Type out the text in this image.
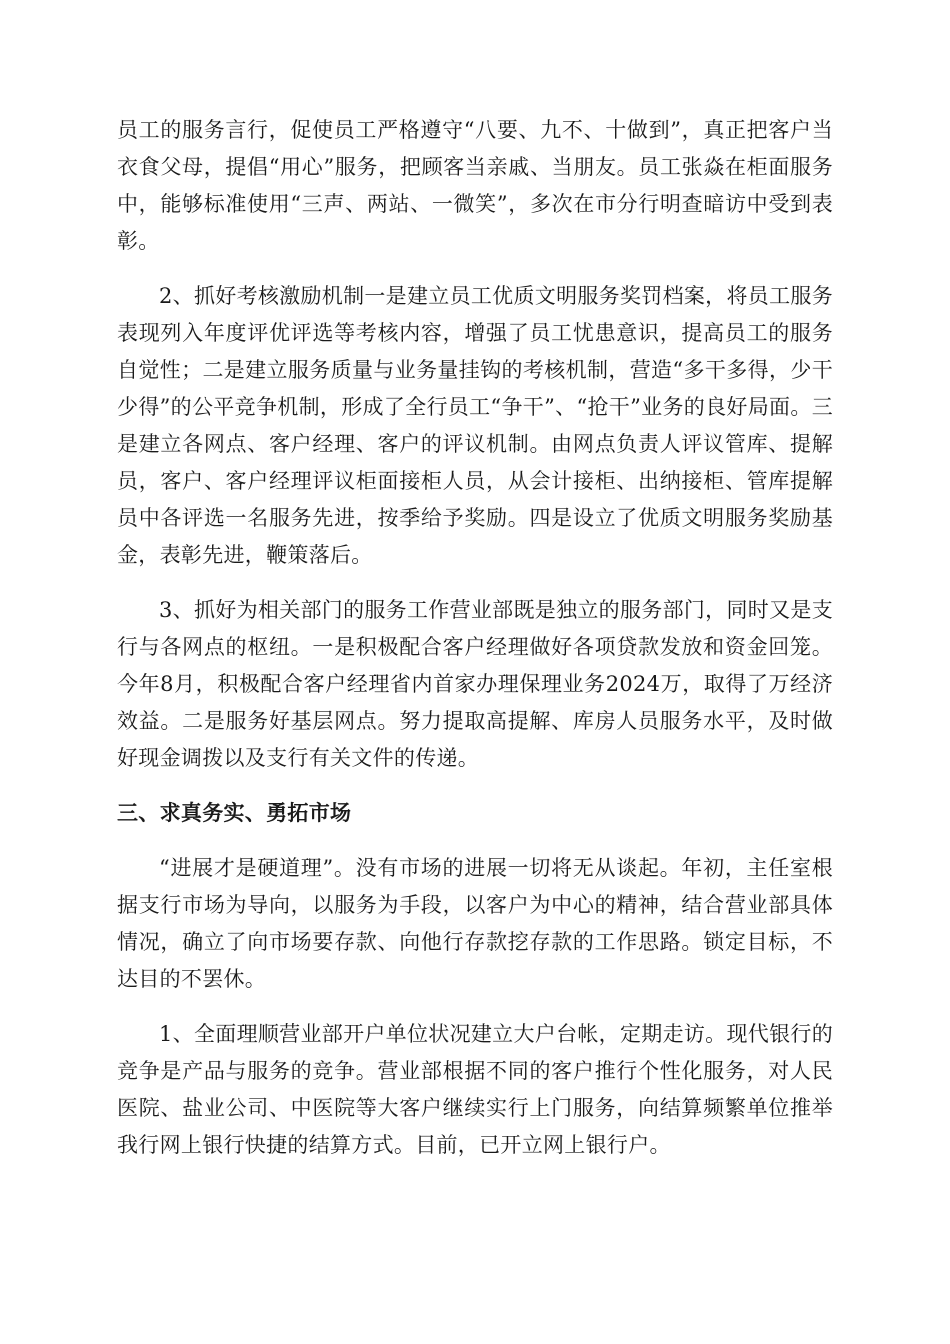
员工的服务言行，促使员工严格遵守“八要、九不、十做到”，真正把客户当衣食父母，提倡“用心”服务，把顾客当亲戚、当朋友。员工张焱在柜面服务中，能够标准使用“三声、两站、一微笑”，多次在市分行明查暗访中受到表彰。

2、抓好考核激励机制一是建立员工优质文明服务奖罚档案，将员工服务表现列入年度评优评选等考核内容，增强了员工忧患意识，提高员工的服务自觉性；二是建立服务质量与业务量挂钩的考核机制，营造“多干多得，少干少得”的公平竞争机制，形成了全行员工“争干”、“抢干”业务的良好局面。三是建立各网点、客户经理、客户的评议机制。由网点负责人评议管库、提解员，客户、客户经理评议柜面接柜人员，从会计接柜、出纳接柜、管库提解员中各评选一名服务先进，按季给予奖励。四是设立了优质文明服务奖励基金，表彰先进，鞭策落后。

3、抓好为相关部门的服务工作营业部既是独立的服务部门，同时又是支行与各网点的枢纽。一是积极配合客户经理做好各项贷款发放和资金回笼。今年8月，积极配合客户经理省内首家办理保理业务2024万，取得了万经济效益。二是服务好基层网点。努力提取高提解、库房人员服务水平，及时做好现金调拨以及支行有关文件的传递。

三、求真务实、勇拓市场

“进展才是硬道理”。没有市场的进展一切将无从谈起。年初，主任室根据支行市场为导向，以服务为手段，以客户为中心的精神，结合营业部具体情况，确立了向市场要存款、向他行存款挖存款的工作思路。锁定目标，不达目的不罢休。

1、全面理顺营业部开户单位状况建立大户台帐，定期走访。现代银行的竞争是产品与服务的竞争。营业部根据不同的客户推行个性化服务，对人民医院、盐业公司、中医院等大客户继续实行上门服务，向结算频繁单位推举我行网上银行快捷的结算方式。目前，已开立网上银行户。
